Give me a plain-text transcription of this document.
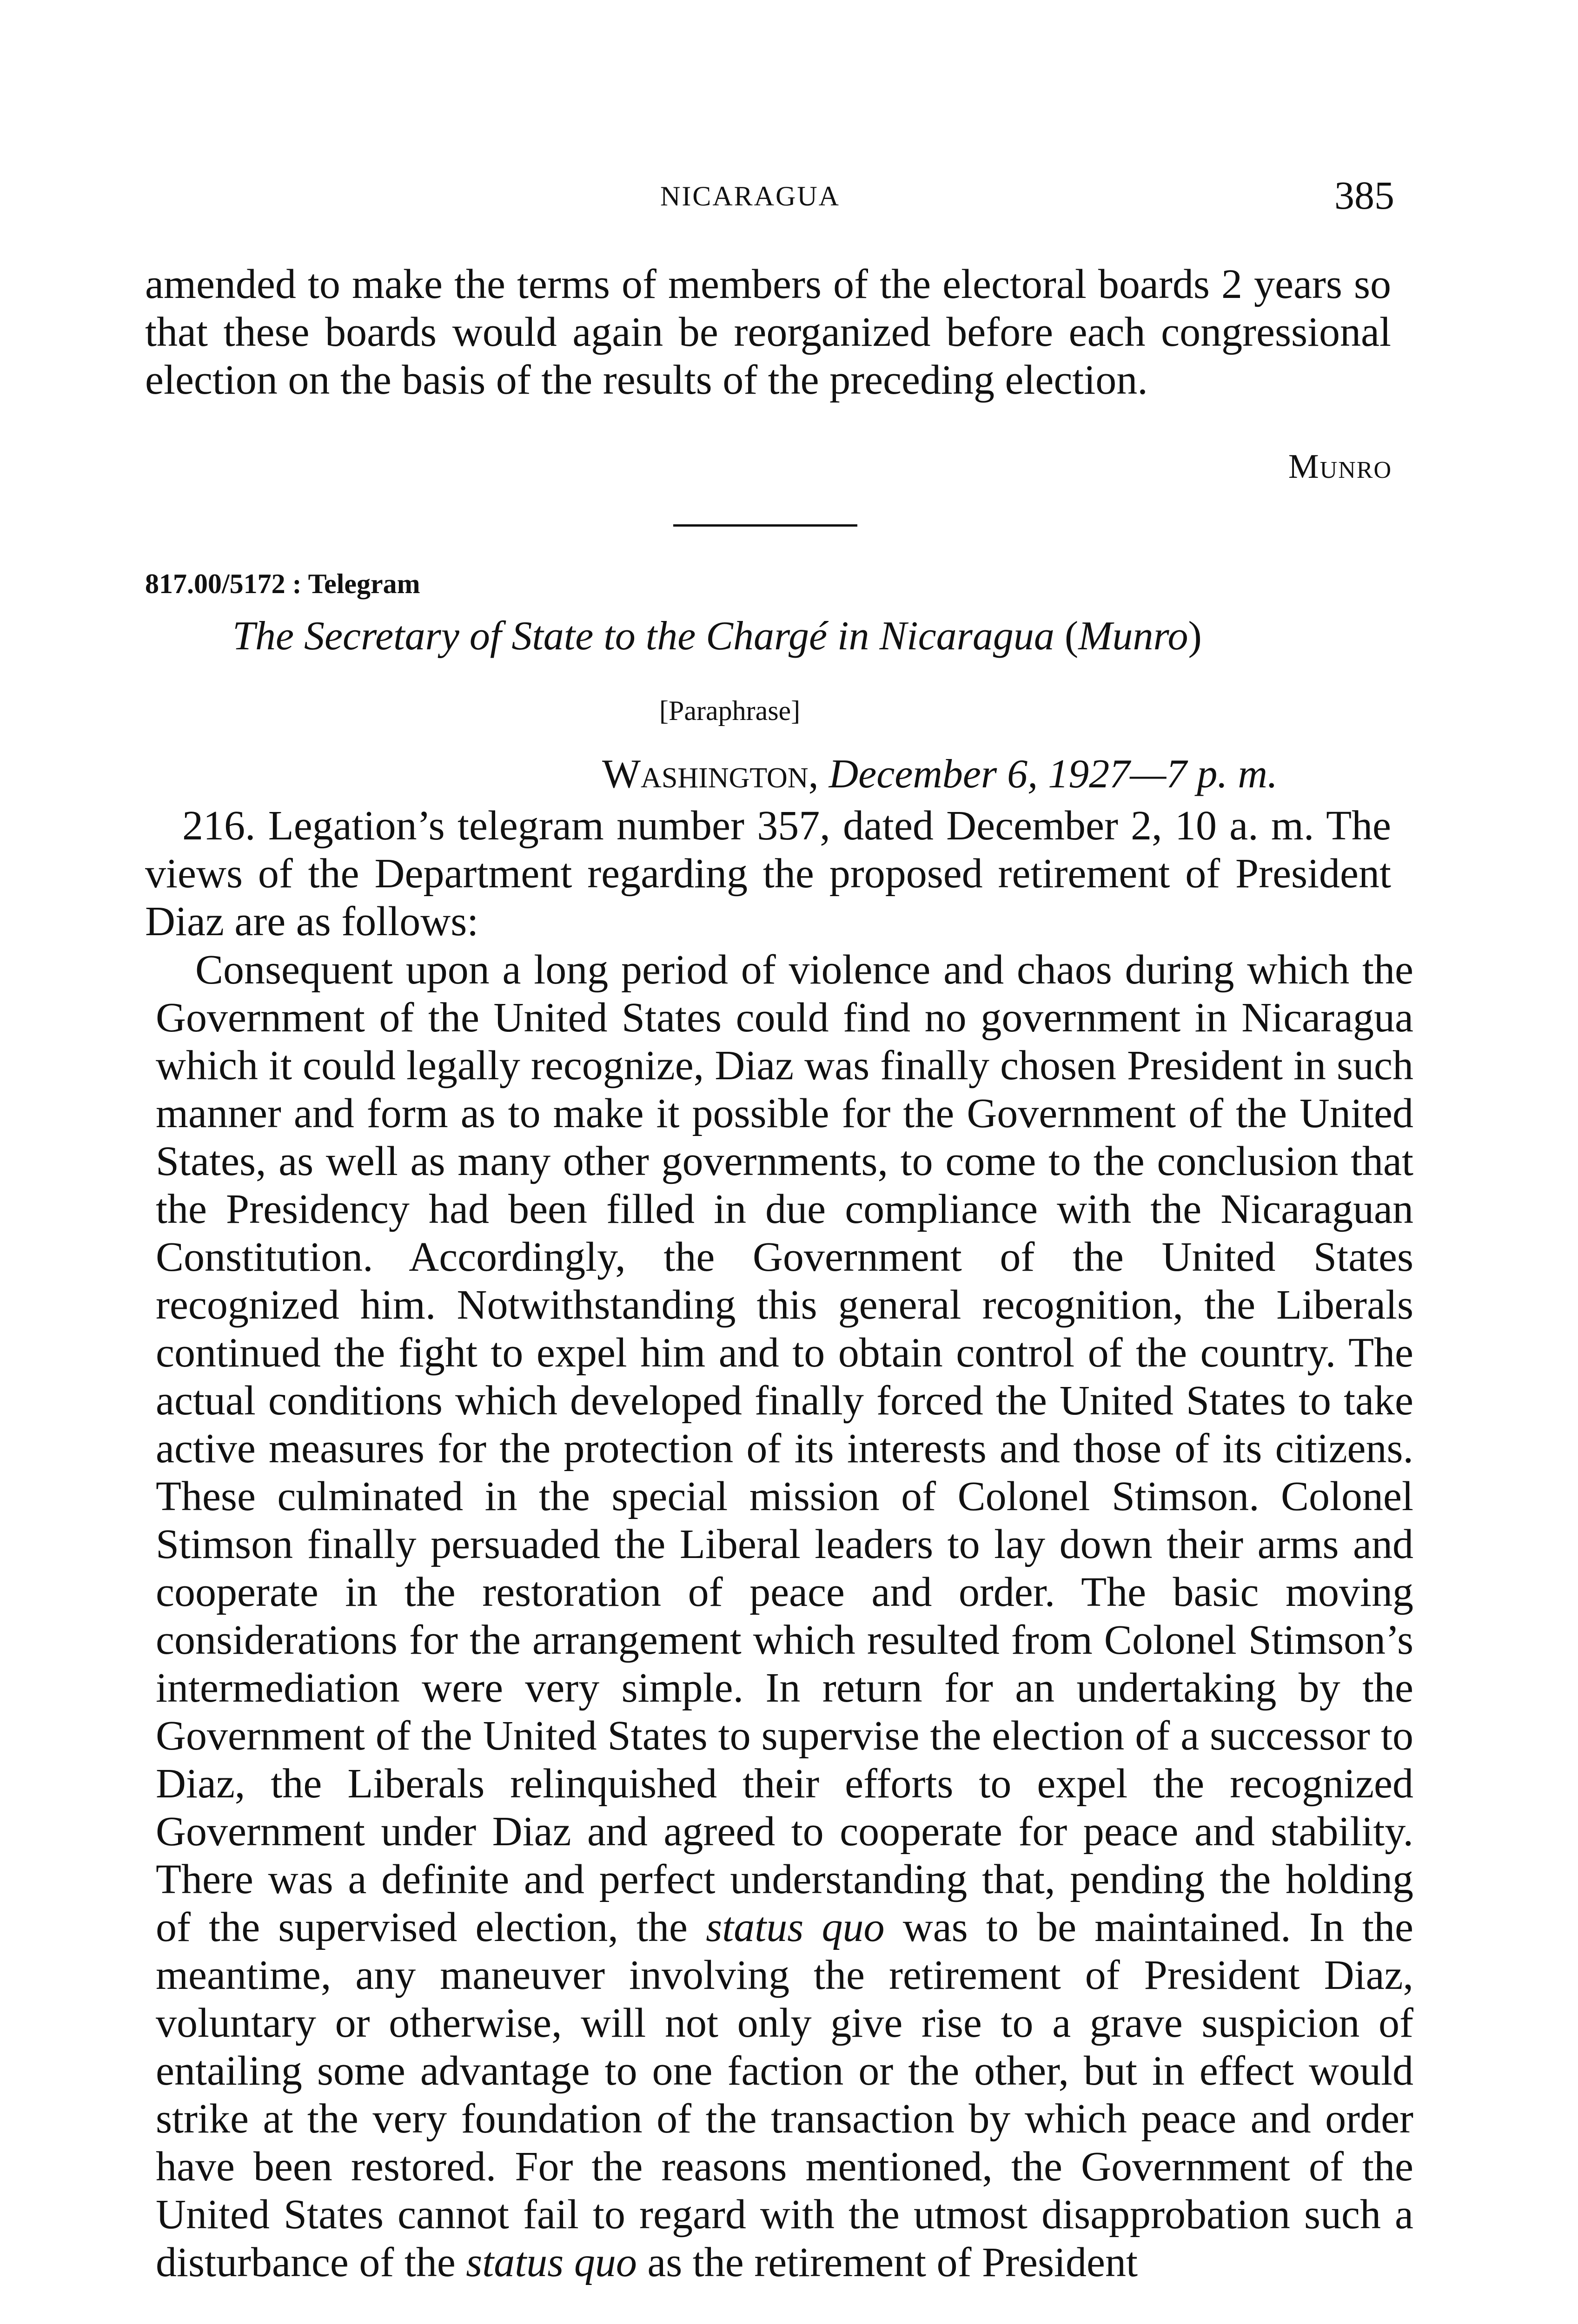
NICARAGUA	385

amended to make the terms of members of the electoral boards 2 years so that these boards would again be reorganized before each congressional election on the basis of the results of the preceding election.

Munro
817.00/5172 : Telegram
The Secretary of State to the Chargé in Nicaragua (Munro)
[Paraphrase]
Washington, December 6, 1927—7 p. m.

216. Legation’s telegram number 357, dated December 2, 10 a. m. The views of the Department regarding the proposed retirement of President Diaz are as follows:

Consequent upon a long period of violence and chaos during which the Government of the United States could find no government in Nicaragua which it could legally recognize, Diaz was finally chosen President in such manner and form as to make it possible for the Government of the United States, as well as many other governments, to come to the conclusion that the Presidency had been filled in due compliance with the Nicaraguan Constitution. Accordingly, the Government of the United States recognized him. Notwithstanding this general recognition, the Liberals continued the fight to expel him and to obtain control of the country. The actual conditions which developed finally forced the United States to take active measures for the protection of its interests and those of its citizens. These culminated in the special mission of Colonel Stimson. Colonel Stimson finally persuaded the Liberal leaders to lay down their arms and cooperate in the restoration of peace and order. The basic moving considerations for the arrangement which resulted from Colonel Stimson’s intermediation were very simple. In return for an undertaking by the Government of the United States to supervise the election of a successor to Diaz, the Liberals relinquished their efforts to expel the recognized Government under Diaz and agreed to cooperate for peace and stability. There was a definite and perfect understanding that, pending the holding of the supervised election, the status quo was to be maintained. In the meantime, any maneuver involving the retirement of President Diaz, voluntary or otherwise, will not only give rise to a grave suspicion of entailing some advantage to one faction or the other, but in effect would strike at the very foundation of the transaction by which peace and order have been restored. For the reasons mentioned, the Government of the United States cannot fail to regard with the utmost disapprobation such a disturbance of the status quo as the retirement of President
